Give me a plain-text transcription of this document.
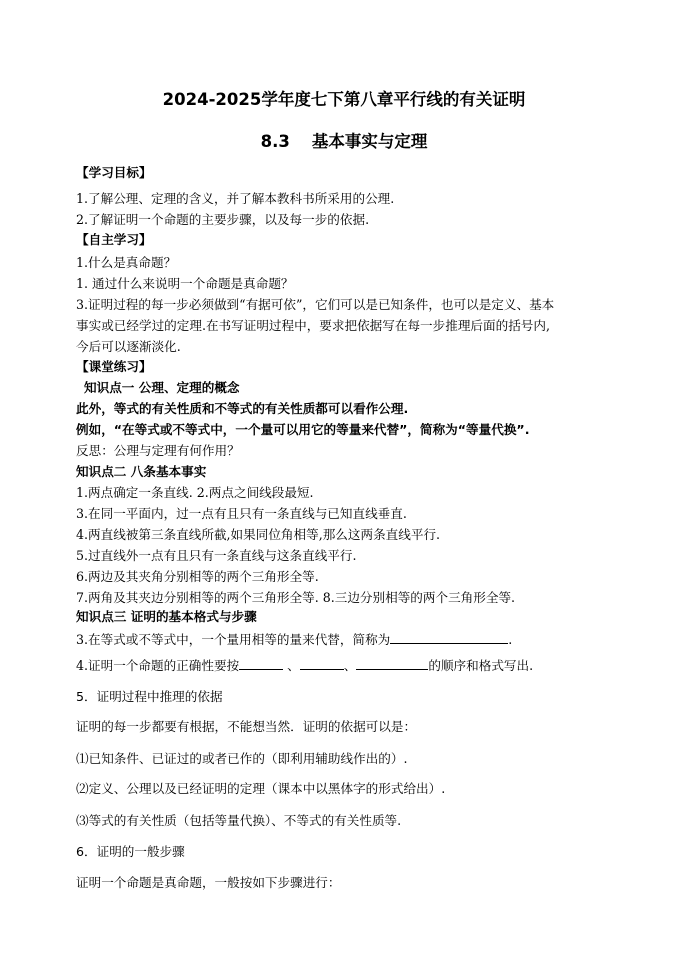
2024-2025学年度七下第八章平行线的有关证明
8.3 基本事实与定理
【学习目标】
1.了解公理、定理的含义，并了解本教科书所采用的公理.
2.了解证明一个命题的主要步骤，以及每一步的依据.
【自主学习】
1.什么是真命题？
1. 通过什么来说明一个命题是真命题？
3.证明过程的每一步必须做到“有据可依”，它们可以是已知条件，也可以是定义、基本
事实或已经学过的定理.在书写证明过程中，要求把依据写在每一步推理后面的括号内,
今后可以逐渐淡化.
【课堂练习】
知识点一 公理、定理的概念
此外，等式的有关性质和不等式的有关性质都可以看作公理.
例如，“在等式或不等式中，一个量可以用它的等量来代替”，简称为“等量代换”.
反思：公理与定理有何作用？
知识点二 八条基本事实
1.两点确定一条直线. 2.两点之间线段最短.
3.在同一平面内，过一点有且只有一条直线与已知直线垂直.
4.两直线被第三条直线所截,如果同位角相等,那么这两条直线平行.
5.过直线外一点有且只有一条直线与这条直线平行.
6.两边及其夹角分别相等的两个三角形全等.
7.两角及其夹边分别相等的两个三角形全等. 8.三边分别相等的两个三角形全等.
知识点三 证明的基本格式与步骤
3.在等式或不等式中，一个量用相等的量来代替，简称为	.
4.证明一个命题的正确性要按	、	、	的顺序和格式写出.
5．证明过程中推理的依据
证明的每一步都要有根据，不能想当然．证明的依据可以是：
⑴已知条件、已证过的或者已作的（即利用辅助线作出的）.
⑵定义、公理以及已经证明的定理（课本中以黑体字的形式给出）.
⑶等式的有关性质（包括等量代换）、不等式的有关性质等.
6．证明的一般步骤
证明一个命题是真命题，一般按如下步骤进行：
